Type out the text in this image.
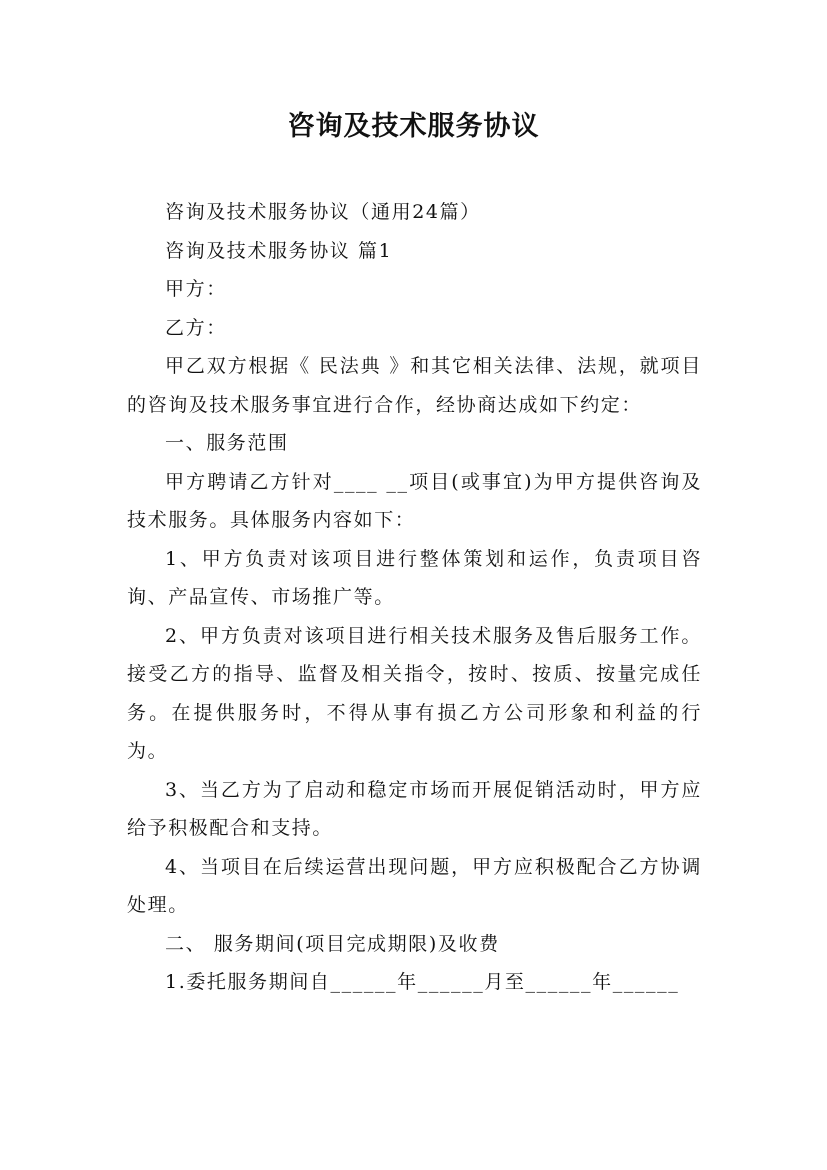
咨询及技术服务协议

咨询及技术服务协议（通用24篇）

咨询及技术服务协议 篇1

甲方：

乙方：

甲乙双方根据《 民法典 》和其它相关法律、法规，就项目 的咨询及技术服务事宜进行合作，经协商达成如下约定：

一、服务范围

甲方聘请乙方针对____ __项目(或事宜)为甲方提供咨询及技术服务。具体服务内容如下：

1、甲方负责对该项目进行整体策划和运作，负责项目咨询、产品宣传、市场推广等。

2、甲方负责对该项目进行相关技术服务及售后服务工作。接受乙方的指导、监督及相关指令，按时、按质、按量完成任务。在提供服务时，不得从事有损乙方公司形象和利益的行为。

3、当乙方为了启动和稳定市场而开展促销活动时，甲方应给予积极配合和支持。

4、当项目在后续运营出现问题，甲方应积极配合乙方协调处理。

二、 服务期间(项目完成期限)及收费

1.委托服务期间自______年______月至______年______
